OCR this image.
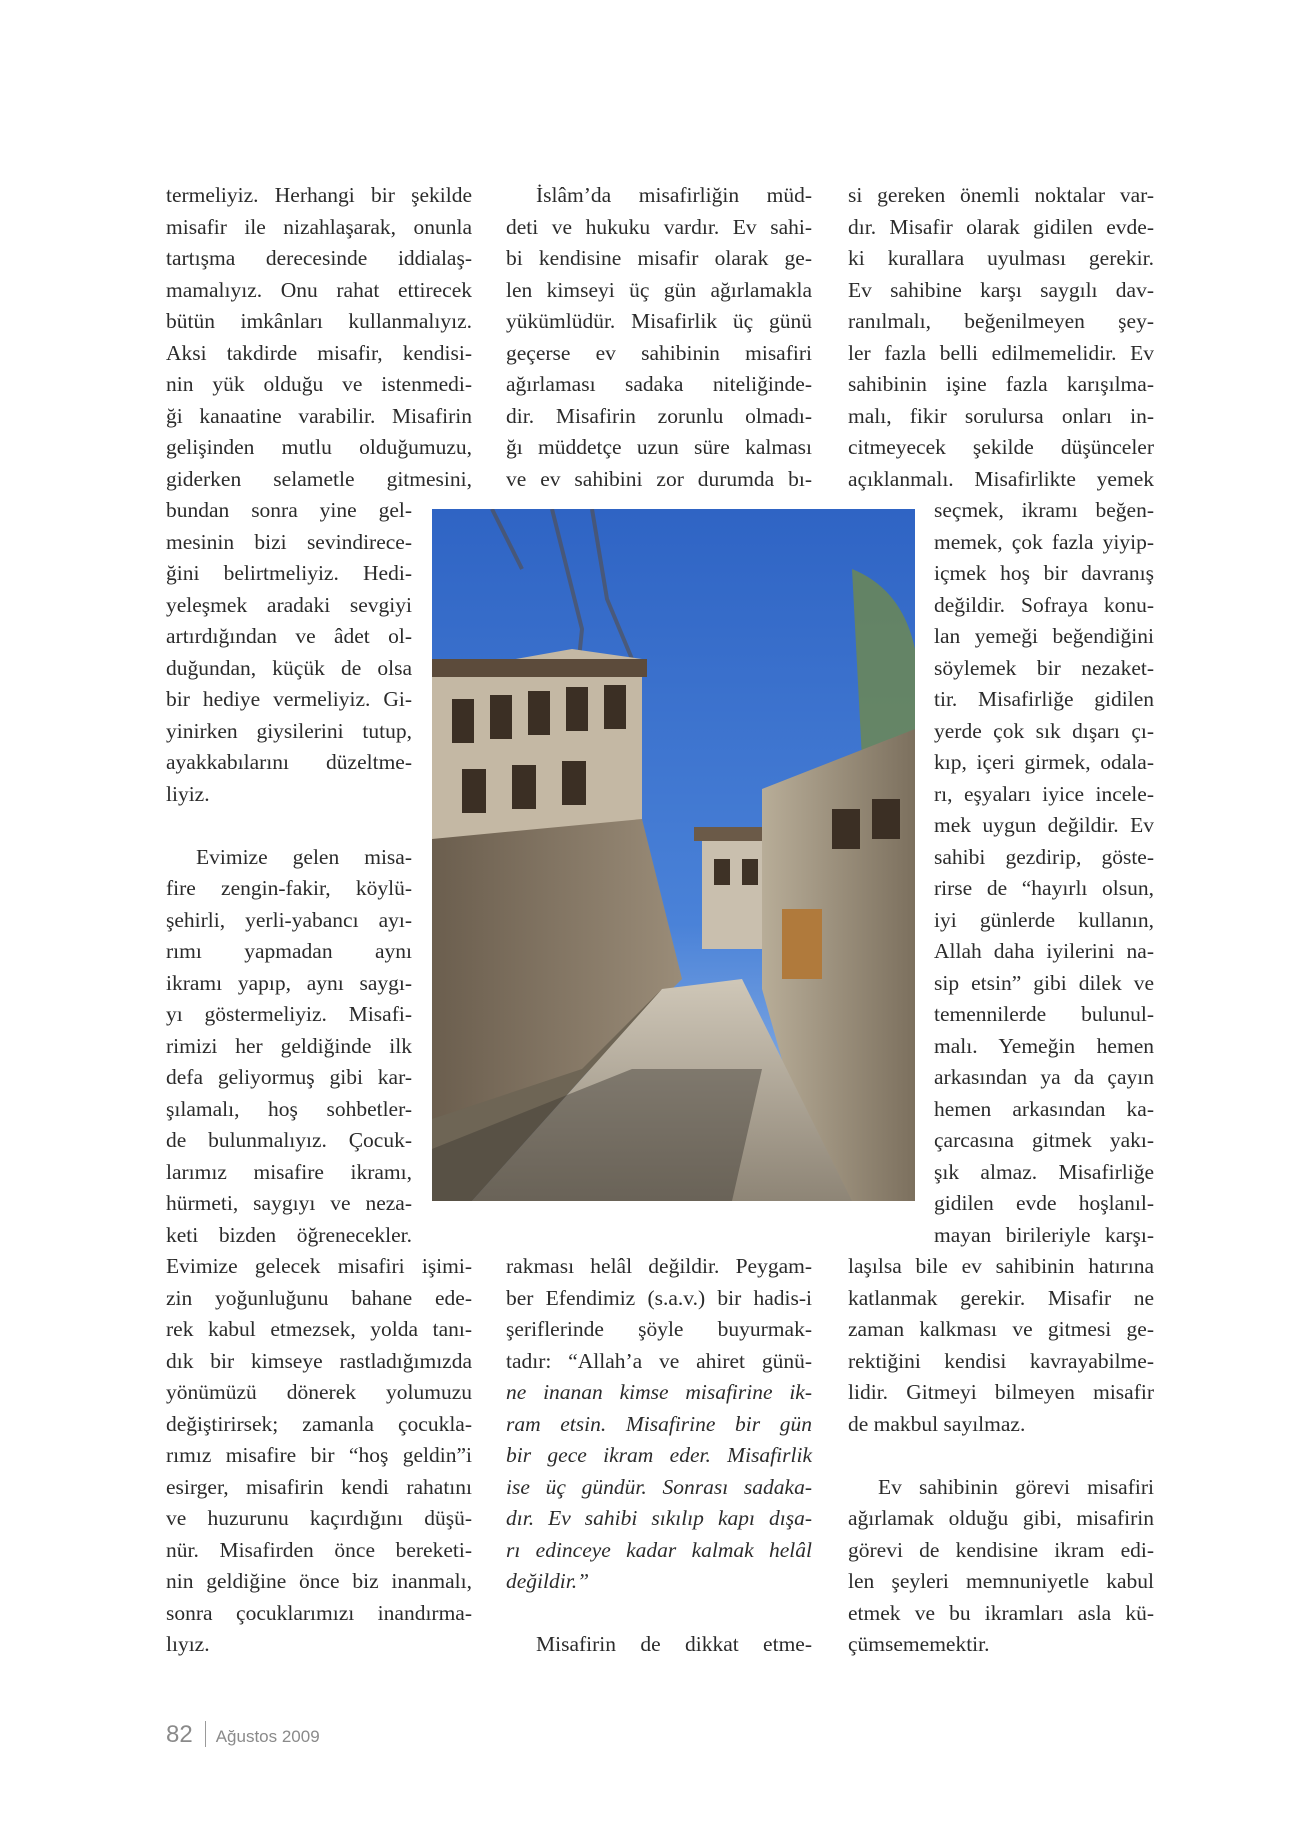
termeliyiz. Herhangi bir şekilde
misafir ile nizahlaşarak, onunla
tartışma derecesinde iddialaş-
mamalıyız. Onu rahat ettirecek
bütün imkânları kullanmalıyız.
Aksi takdirde misafir, kendisi-
nin yük olduğu ve istenmedi-
ği kanaatine varabilir. Misafirin
gelişinden mutlu olduğumuzu,
giderken selametle gitmesini,
bundan sonra yine gel-
mesinin bizi sevindirece-
ğini belirtmeliyiz. Hedi-
yeleşmek aradaki sevgiyi
artırdığından ve âdet ol-
duğundan, küçük de olsa
bir hediye vermeliyiz. Gi-
yinirken giysilerini tutup,
ayakkabılarını düzeltme-
liyiz.
Evimize gelen misa-
fire zengin-fakir, köylü-
şehirli, yerli-yabancı ayı-
rımı yapmadan aynı
ikramı yapıp, aynı saygı-
yı göstermeliyiz. Misafi-
rimizi her geldiğinde ilk
defa geliyormuş gibi kar-
şılamalı, hoş sohbetler-
de bulunmalıyız. Çocuk-
larımız misafire ikramı,
hürmeti, saygıyı ve neza-
keti bizden öğrenecekler.
Evimize gelecek misafiri işimi-
zin yoğunluğunu bahane ede-
rek kabul etmezsek, yolda tanı-
dık bir kimseye rastladığımızda
yönümüzü dönerek yolumuzu
değiştirirsek; zamanla çocukla-
rımız misafire bir “hoş geldin”i
esirger, misafirin kendi rahatını
ve huzurunu kaçırdığını düşü-
nür. Misafirden önce bereketi-
nin geldiğine önce biz inanmalı,
sonra çocuklarımızı inandırma-
lıyız.
İslâm’da misafirliğin müd-
deti ve hukuku vardır. Ev sahi-
bi kendisine misafir olarak ge-
len kimseyi üç gün ağırlamakla
yükümlüdür. Misafirlik üç günü
geçerse ev sahibinin misafiri
ağırlaması sadaka niteliğinde-
dir. Misafirin zorunlu olmadı-
ğı müddetçe uzun süre kalması
ve ev sahibini zor durumda bı-
rakması helâl değildir. Peygam-
ber Efendimiz (s.a.v.) bir hadis-i
şeriflerinde şöyle buyurmak-
tadır: “Allah’a ve ahiret günü-
ne inanan kimse misafirine ik-
ram etsin. Misafirine bir gün
bir gece ikram eder. Misafirlik
ise üç gündür. Sonrası sadaka-
dır. Ev sahibi sıkılıp kapı dışa-
rı edinceye kadar kalmak helâl
değildir.”
Misafirin de dikkat etme-
si gereken önemli noktalar var-
dır. Misafir olarak gidilen evde-
ki kurallara uyulması gerekir.
Ev sahibine karşı saygılı dav-
ranılmalı, beğenilmeyen şey-
ler fazla belli edilmemelidir. Ev
sahibinin işine fazla karışılma-
malı, fikir sorulursa onları in-
citmeyecek şekilde düşünceler
açıklanmalı. Misafirlikte yemek
seçmek, ikramı beğen-
memek, çok fazla yiyip-
içmek hoş bir davranış
değildir. Sofraya konu-
lan yemeği beğendiğini
söylemek bir nezaket-
tir. Misafirliğe gidilen
yerde çok sık dışarı çı-
kıp, içeri girmek, odala-
rı, eşyaları iyice incele-
mek uygun değildir. Ev
sahibi gezdirip, göste-
rirse de “hayırlı olsun,
iyi günlerde kullanın,
Allah daha iyilerini na-
sip etsin” gibi dilek ve
temennilerde bulunul-
malı. Yemeğin hemen
arkasından ya da çayın
hemen arkasından ka-
çarcasına gitmek yakı-
şık almaz. Misafirliğe
gidilen evde hoşlanıl-
mayan birileriyle karşı-
laşılsa bile ev sahibinin hatırına
katlanmak gerekir. Misafir ne
zaman kalkması ve gitmesi ge-
rektiğini kendisi kavrayabilme-
lidir. Gitmeyi bilmeyen misafir
de makbul sayılmaz.
Ev sahibinin görevi misafiri
ağırlamak olduğu gibi, misafirin
görevi de kendisine ikram edi-
len şeyleri memnuniyetle kabul
etmek ve bu ikramları asla kü-
çümsememektir.
82 Ağustos 2009
